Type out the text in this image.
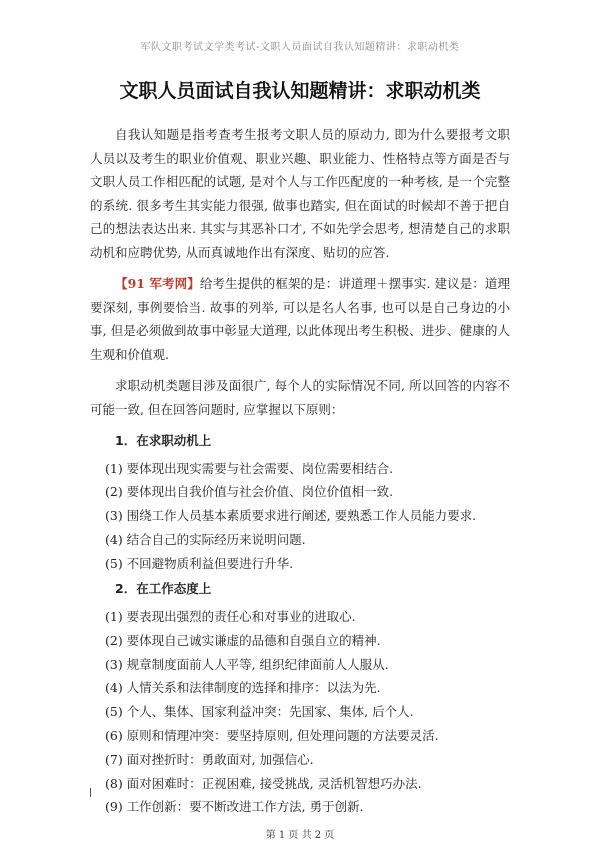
军队文职考试文学类考试-文职人员面试自我认知题精讲：求职动机类
文职人员面试自我认知题精讲：求职动机类

自我认知题是指考查考生报考文职人员的原动力, 即为什么要报考文职人员以及考生的职业价值观、职业兴趣、职业能力、性格特点等方面是否与文职人员工作相匹配的试题, 是对个人与工作匹配度的一种考核, 是一个完整的系统. 很多考生其实能力很强, 做事也踏实, 但在面试的时候却不善于把自己的想法表达出来. 其实与其恶补口才, 不如先学会思考, 想清楚自己的求职动机和应聘优势, 从而真诚地作出有深度、贴切的应答.

【91 军考网】给考生提供的框架的是：讲道理＋摆事实. 建议是：道理要深刻, 事例要恰当. 故事的列举, 可以是名人名事, 也可以是自己身边的小事, 但是必须做到故事中彰显大道理, 以此体现出考生积极、进步、健康的人生观和价值观.

求职动机类题目涉及面很广, 每个人的实际情况不同, 所以回答的内容不可能一致, 但在回答问题时, 应掌握以下原则：

1．在求职动机上
(1) 要体现出现实需要与社会需要、岗位需要相结合.
(2) 要体现出自我价值与社会价值、岗位价值相一致.
(3) 围绕工作人员基本素质要求进行阐述, 要熟悉工作人员能力要求.
(4) 结合自己的实际经历来说明问题.
(5) 不回避物质利益但要进行升华.
2．在工作态度上
(1) 要表现出强烈的责任心和对事业的进取心.
(2) 要体现自己诚实谦虚的品德和自强自立的精神.
(3) 规章制度面前人人平等, 组织纪律面前人人服从.
(4) 人情关系和法律制度的选择和排序：以法为先.
(5) 个人、集体、国家利益冲突：先国家、集体, 后个人.
(6) 原则和情理冲突：要坚持原则, 但处理问题的方法要灵活.
(7) 面对挫折时：勇敢面对, 加强信心.
(8) 面对困难时：正视困难, 接受挑战, 灵活机智想巧办法.
(9) 工作创新：要不断改进工作方法, 勇于创新.
第 1 页 共 2 页
